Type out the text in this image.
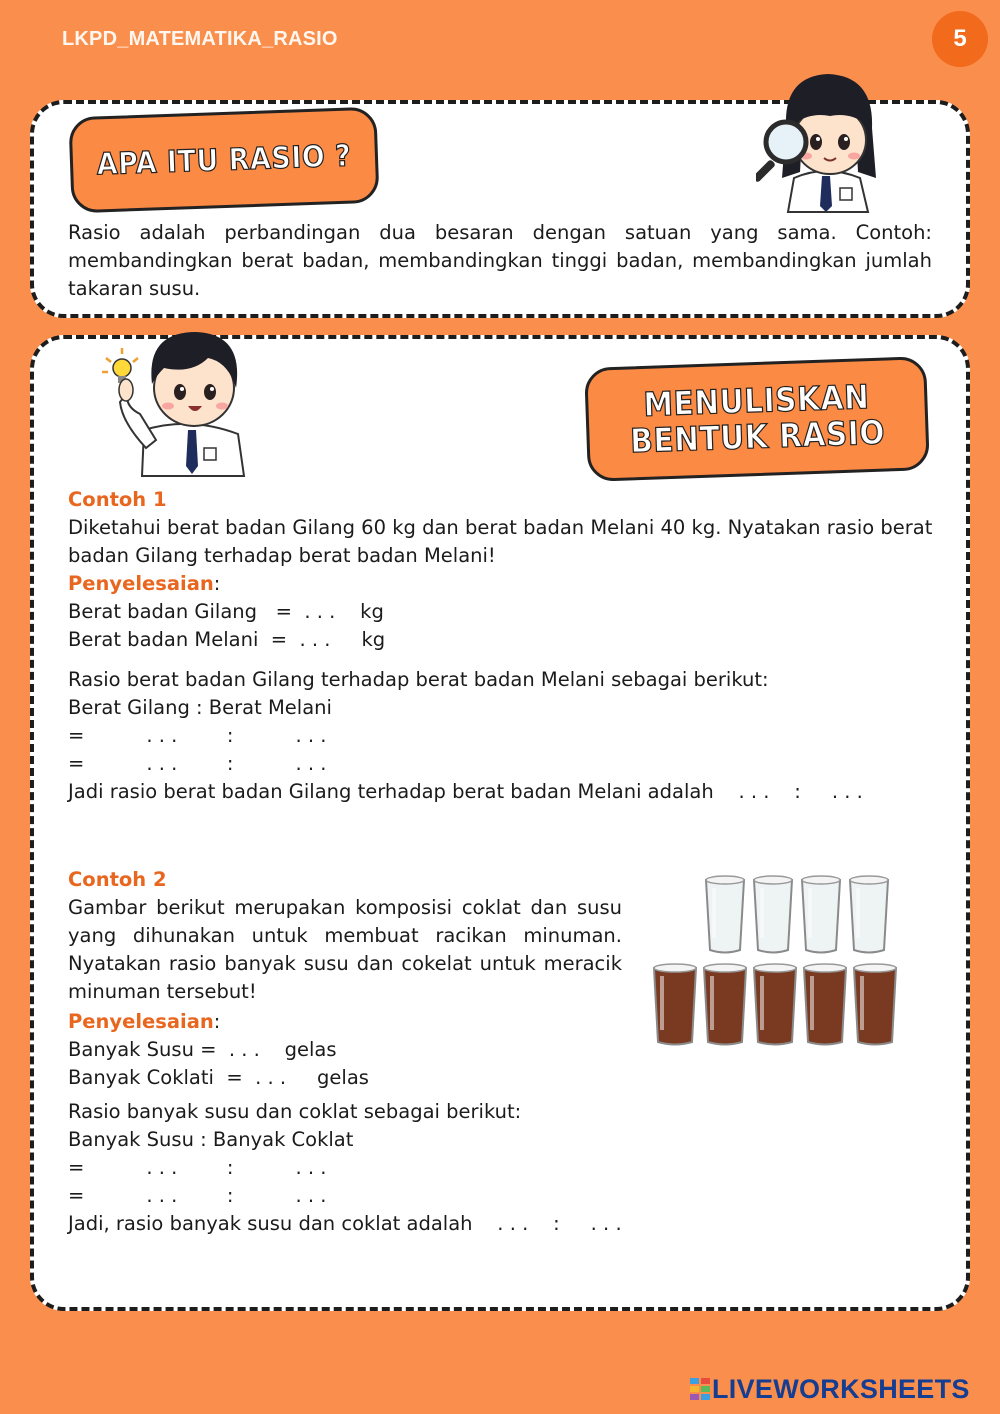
LKPD_MATEMATIKA_RASIO	5
APA ITU RASIO ?
Rasio adalah perbandingan dua besaran dengan satuan yang sama. Contoh: membandingkan berat badan, membandingkan tinggi badan, membandingkan jumlah takaran susu.
MENULISKAN
BENTUK RASIO
Contoh 1
Diketahui berat badan Gilang 60 kg dan berat badan Melani 40 kg. Nyatakan rasio berat badan Gilang terhadap berat badan Melani!
Penyelesaian:
Berat badan Gilang   =  . . .    kg
Berat badan Melani  =  . . .     kg
Rasio berat badan Gilang terhadap berat badan Melani sebagai berikut:
Berat Gilang : Berat Melani
=          . . .        :          . . .
=          . . .        :          . . .
Jadi rasio berat badan Gilang terhadap berat badan Melani adalah    . . .    :     . . .
Contoh 2
Gambar berikut merupakan komposisi coklat dan susu yang dihunakan untuk membuat racikan minuman. Nyatakan rasio banyak susu dan cokelat untuk meracik minuman tersebut!
Penyelesaian:
Banyak Susu =  . . .    gelas
Banyak Coklati  =  . . .     gelas
Rasio banyak susu dan coklat sebagai berikut:
Banyak Susu : Banyak Coklat
=          . . .        :          . . .
=          . . .        :          . . .
Jadi, rasio banyak susu dan coklat adalah    . . .    :     . . .
LIVEWORKSHEETS
